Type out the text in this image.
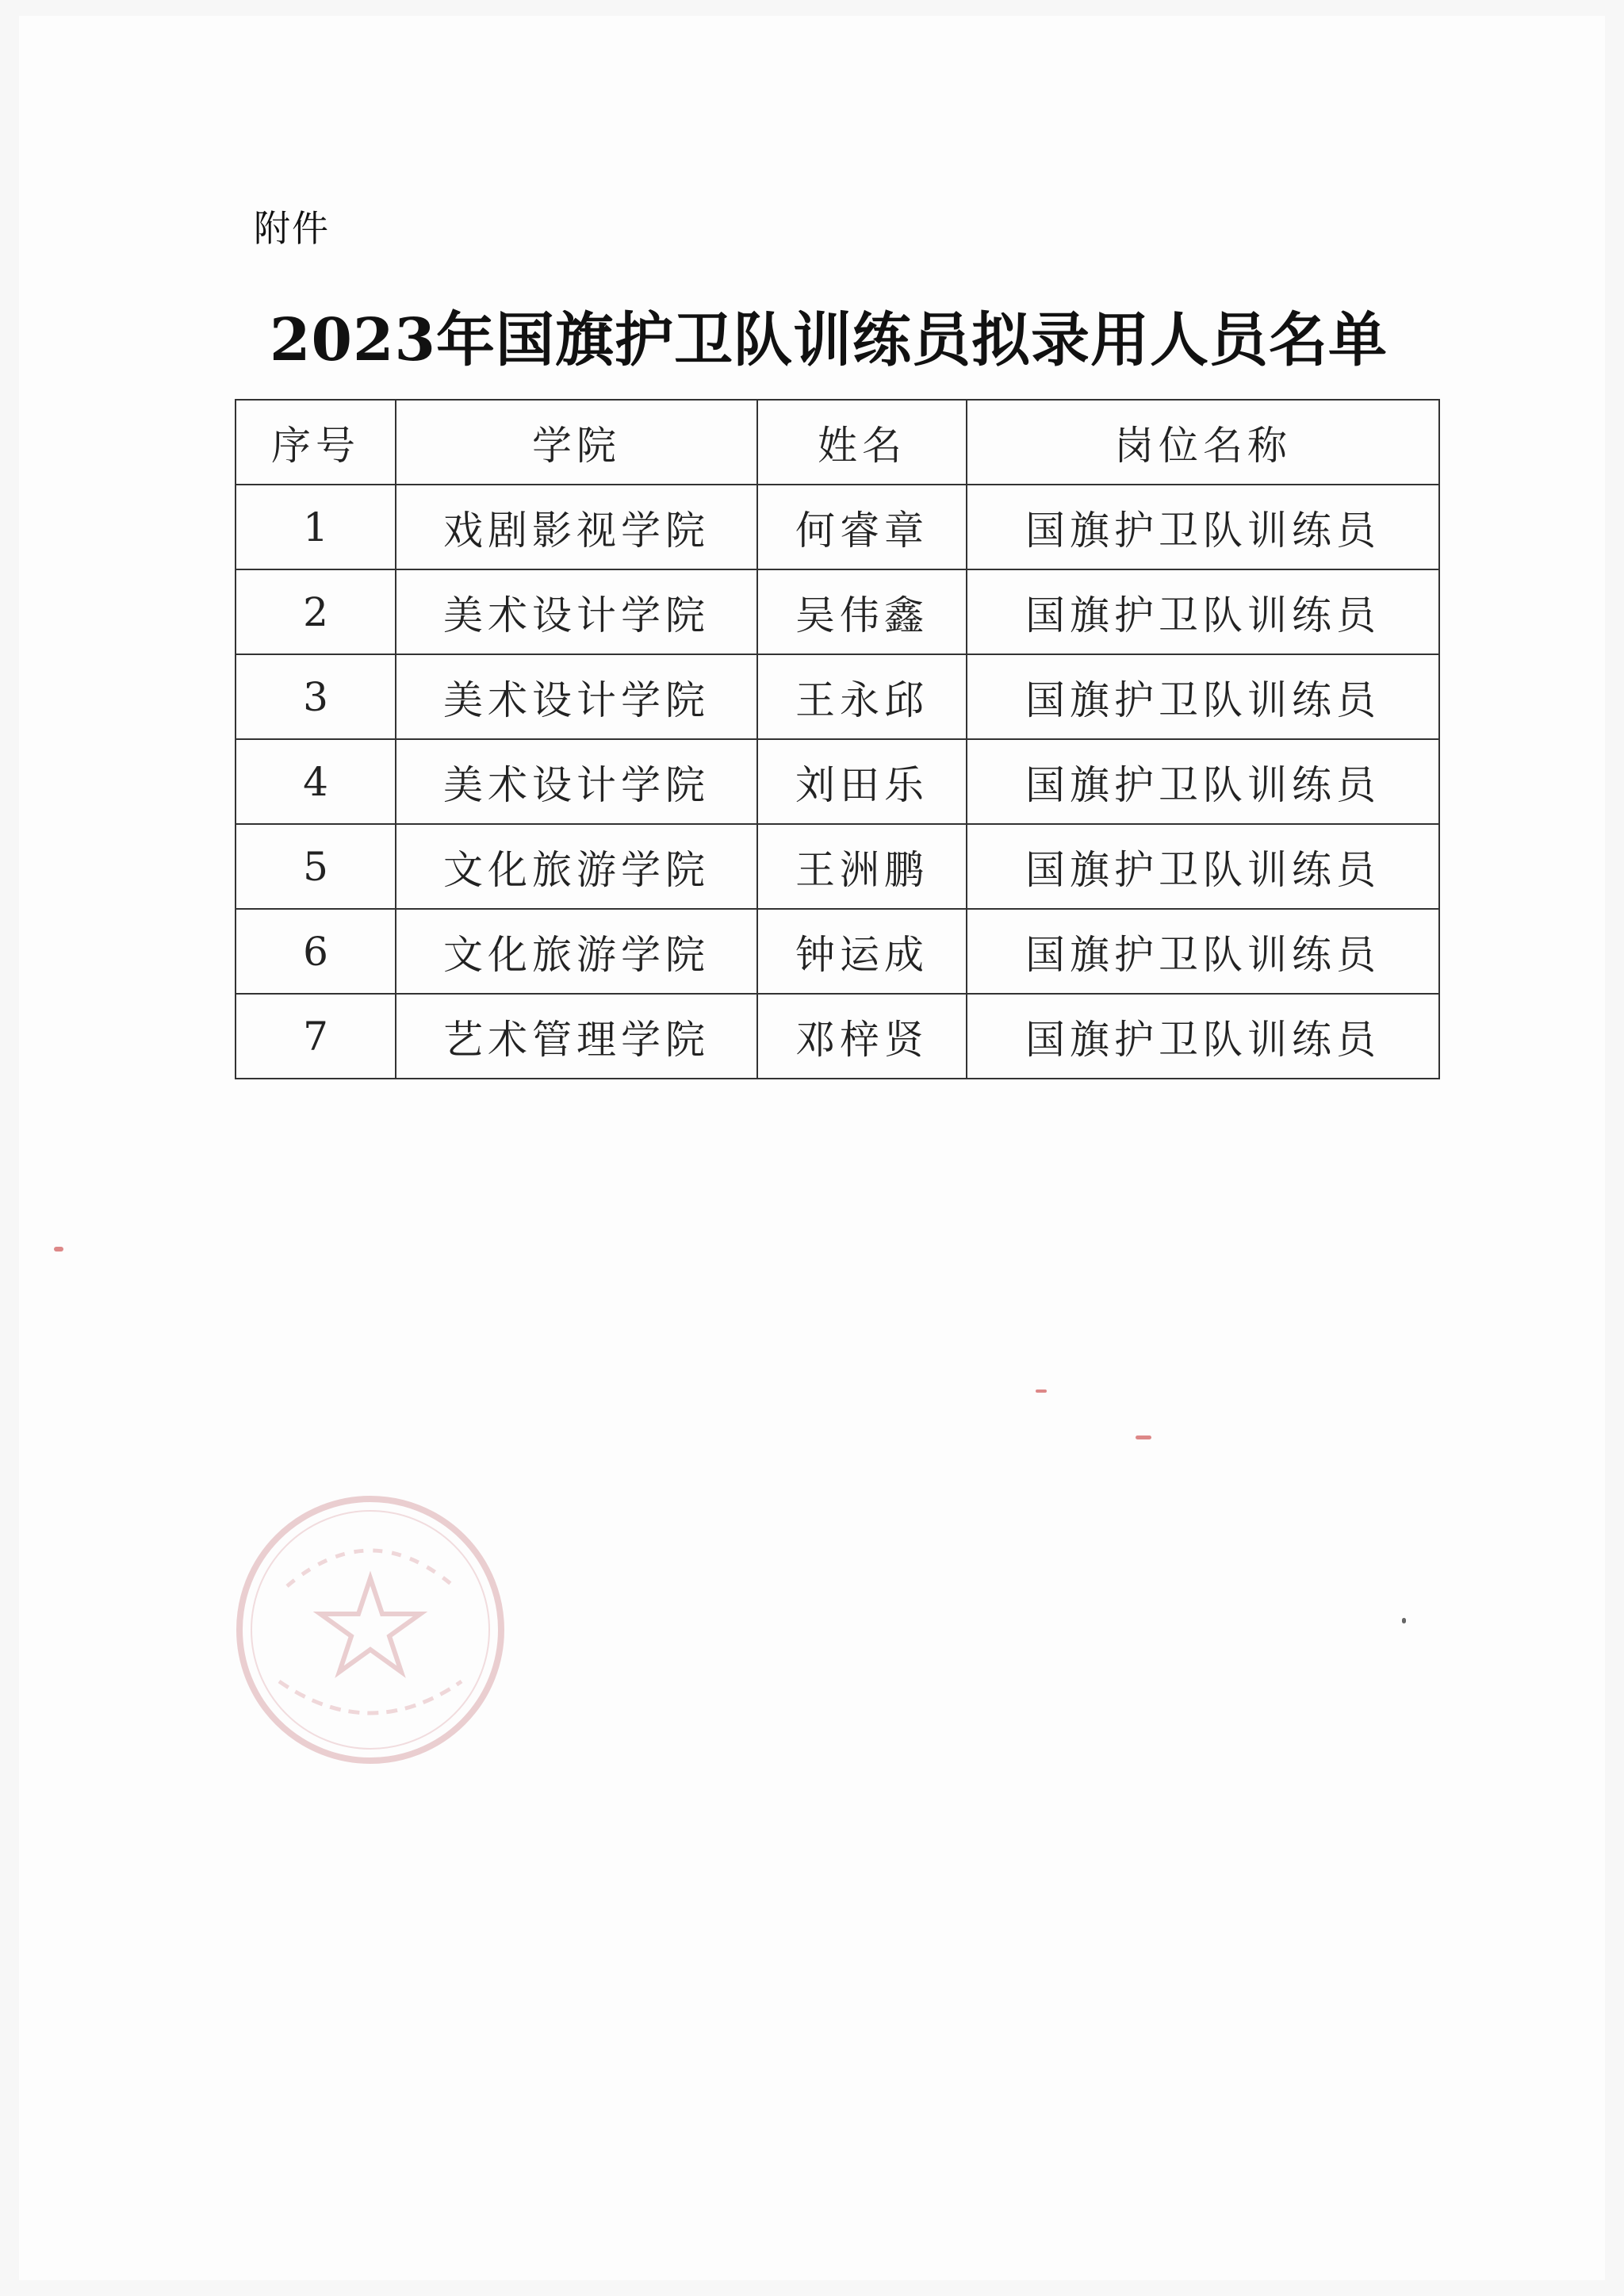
附件
2023年国旗护卫队训练员拟录用人员名单
序号	学院	姓名	岗位名称
1	戏剧影视学院	何睿章	国旗护卫队训练员
2	美术设计学院	吴伟鑫	国旗护卫队训练员
3	美术设计学院	王永邱	国旗护卫队训练员
4	美术设计学院	刘田乐	国旗护卫队训练员
5	文化旅游学院	王洲鹏	国旗护卫队训练员
6	文化旅游学院	钟运成	国旗护卫队训练员
7	艺术管理学院	邓梓贤	国旗护卫队训练员
